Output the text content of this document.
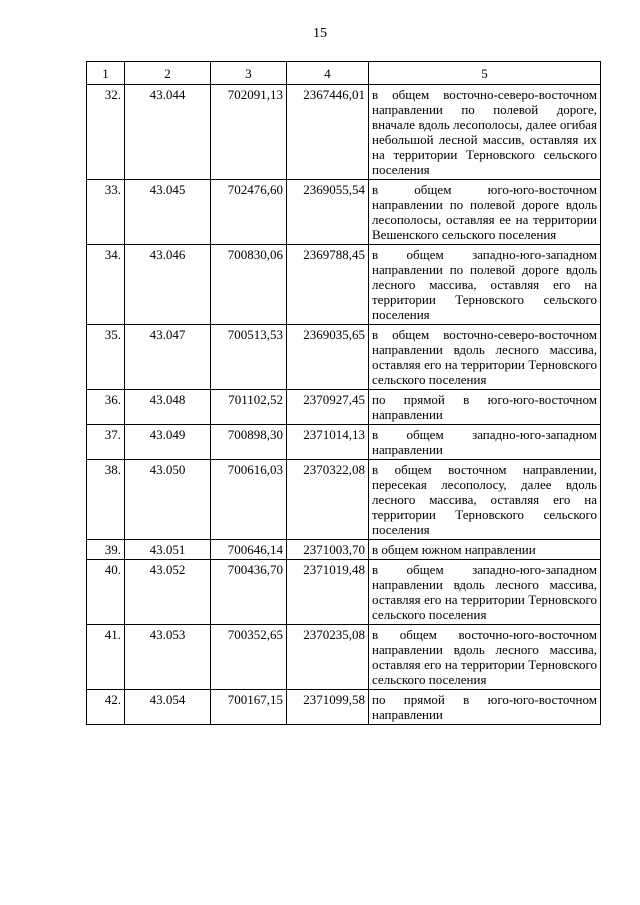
15
1	2	3	4	5
32.	43.044	702091,13	2367446,01	в общем восточно-северо-восточном направлении по полевой дороге, вначале вдоль лесополосы, далее огибая небольшой лесной массив, оставляя их на территории Терновского сельского поселения
33.	43.045	702476,60	2369055,54	в общем юго-юго-восточном направлении по полевой дороге вдоль лесополосы, оставляя ее на территории Вешенского сельского поселения
34.	43.046	700830,06	2369788,45	в общем западно-юго-западном направлении по полевой дороге вдоль лесного массива, оставляя его на территории Терновского сельского поселения
35.	43.047	700513,53	2369035,65	в общем восточно-северо-восточном направлении вдоль лесного массива, оставляя его на территории Терновского сельского поселения
36.	43.048	701102,52	2370927,45	по прямой в юго-юго-восточном направлении
37.	43.049	700898,30	2371014,13	в общем западно-юго-западном направлении
38.	43.050	700616,03	2370322,08	в общем восточном направлении, пересекая лесополосу, далее вдоль лесного массива, оставляя его на территории Терновского сельского поселения
39.	43.051	700646,14	2371003,70	в общем южном направлении
40.	43.052	700436,70	2371019,48	в общем западно-юго-западном направлении вдоль лесного массива, оставляя его на территории Терновского сельского поселения
41.	43.053	700352,65	2370235,08	в общем восточно-юго-восточном направлении вдоль лесного массива, оставляя его на территории Терновского сельского поселения
42.	43.054	700167,15	2371099,58	по прямой в юго-юго-восточном направлении
